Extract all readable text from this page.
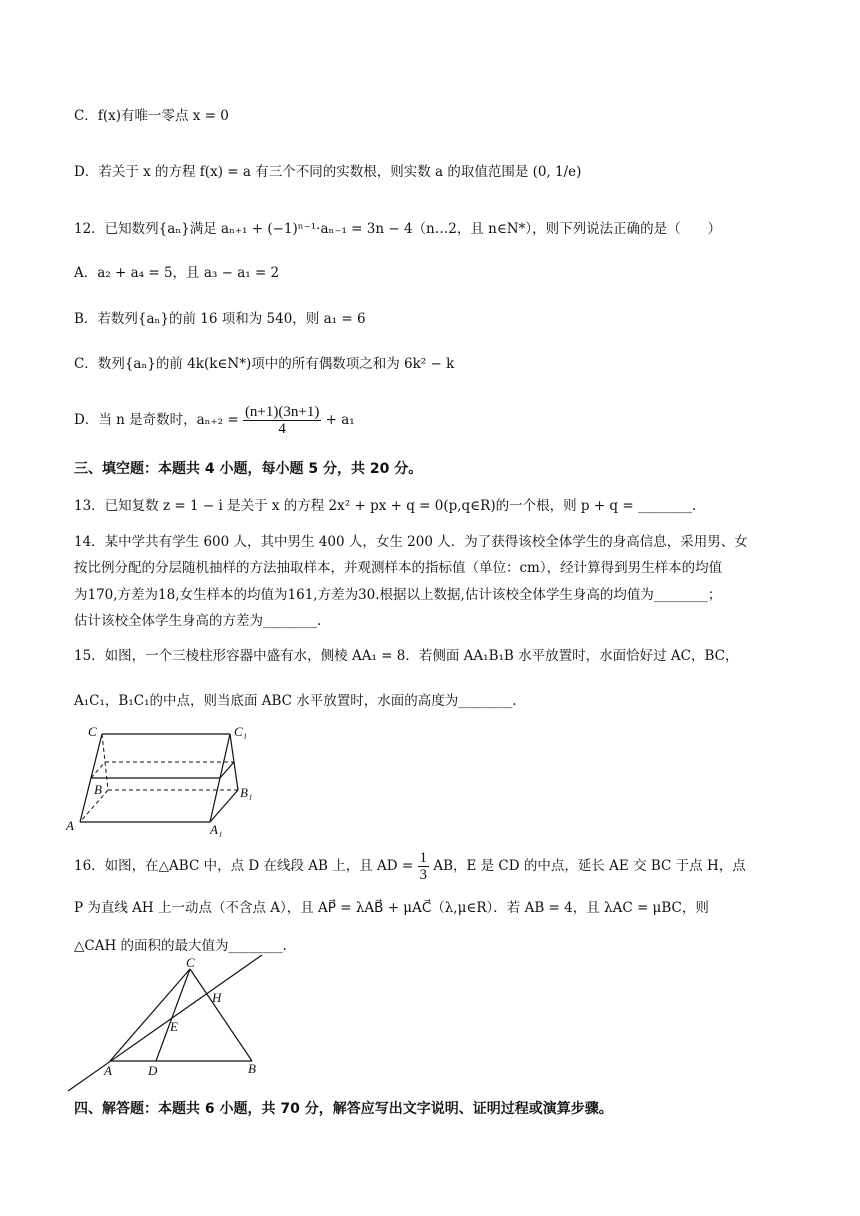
C．f(x)有唯一零点 x = 0
D．若关于 x 的方程 f(x) = a 有三个不同的实数根，则实数 a 的取值范围是 (0, 1/e)
12．已知数列{aₙ}满足 aₙ₊₁ + (−1)ⁿ⁻¹·aₙ₋₁ = 3n − 4（n…2，且 n∈N*），则下列说法正确的是（　　）
A．a₂ + a₄ = 5，且 a₃ − a₁ = 2
B．若数列{aₙ}的前 16 项和为 540，则 a₁ = 6
C．数列{aₙ}的前 4k(k∈N*)项中的所有偶数项之和为 6k² − k
D．当 n 是奇数时，$a_{n+2} = \frac{(n+1)(3n+1)}{4} + a_1$
三、填空题：本题共 4 小题，每小题 5 分，共 20 分。
13．已知复数 z = 1 − i 是关于 x 的方程 2x² + px + q = 0(p,q∈R)的一个根，则 p + q = ________.
14．某中学共有学生 600 人，其中男生 400 人，女生 200 人．为了获得该校全体学生的身高信息，采用男、女
按比例分配的分层随机抽样的方法抽取样本，并观测样本的指标值（单位：cm），经计算得到男生样本的均值
为170,方差为18,女生样本的均值为161,方差为30.根据以上数据,估计该校全体学生身高的均值为________；
估计该校全体学生身高的方差为________.
15．如图，一个三棱柱形容器中盛有水，侧棱 AA₁ = 8．若侧面 AA₁B₁B 水平放置时，水面恰好过 AC，BC，
A₁C₁，B₁C₁的中点，则当底面 ABC 水平放置时，水面的高度为________.
C	C₁
B	B₁
A	A₁
16．如图，在△ABC 中，点 D 在线段 AB 上，且 AD = $\frac{1}{3}$ AB，E 是 CD 的中点，延长 AE 交 BC 于点 H，点
P 为直线 AH 上一动点（不含点 A），且 AP⃗ = λAB⃗ + μAC⃗（λ,μ∈R）．若 AB = 4，且 λAC = μBC，则
△CAH 的面积的最大值为________.
C
H
E
A	D	B
四、解答题：本题共 6 小题，共 70 分，解答应写出文字说明、证明过程或演算步骤。
